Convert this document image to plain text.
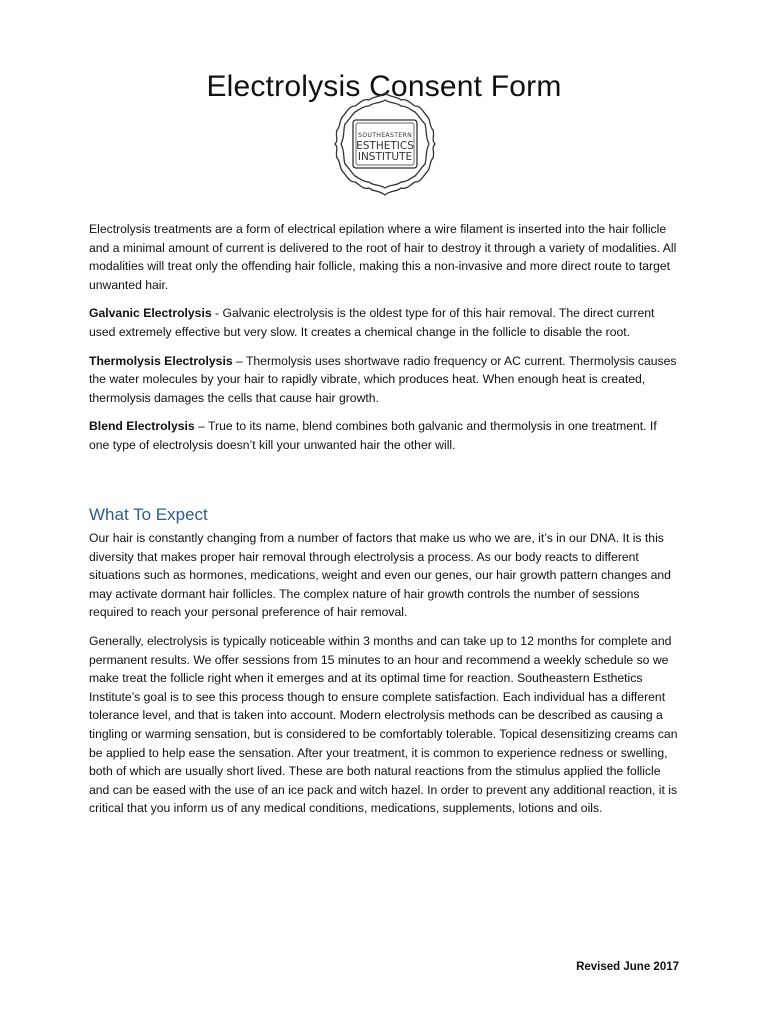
Electrolysis Consent Form
SOUTHEASTERN
ESTHETICS
INSTITUTE

Electrolysis treatments are a form of electrical epilation where a wire filament is inserted into the hair follicle and a minimal amount of current is delivered to the root of hair to destroy it through a variety of modalities. All modalities will treat only the offending hair follicle, making this a non-invasive and more direct route to target unwanted hair.

Galvanic Electrolysis - Galvanic electrolysis is the oldest type for of this hair removal. The direct current used extremely effective but very slow. It creates a chemical change in the follicle to disable the root.

Thermolysis Electrolysis – Thermolysis uses shortwave radio frequency or AC current. Thermolysis causes the water molecules by your hair to rapidly vibrate, which produces heat. When enough heat is created, thermolysis damages the cells that cause hair growth.

Blend Electrolysis – True to its name, blend combines both galvanic and thermolysis in one treatment. If one type of electrolysis doesn’t kill your unwanted hair the other will.

What To Expect

Our hair is constantly changing from a number of factors that make us who we are, it’s in our DNA. It is this diversity that makes proper hair removal through electrolysis a process. As our body reacts to different situations such as hormones, medications, weight and even our genes, our hair growth pattern changes and may activate dormant hair follicles. The complex nature of hair growth controls the number of sessions required to reach your personal preference of hair removal.

Generally, electrolysis is typically noticeable within 3 months and can take up to 12 months for complete and permanent results. We offer sessions from 15 minutes to an hour and recommend a weekly schedule so we make treat the follicle right when it emerges and at its optimal time for reaction. Southeastern Esthetics Institute’s goal is to see this process though to ensure complete satisfaction. Each individual has a different tolerance level, and that is taken into account. Modern electrolysis methods can be described as causing a tingling or warming sensation, but is considered to be comfortably tolerable. Topical desensitizing creams can be applied to help ease the sensation. After your treatment, it is common to experience redness or swelling, both of which are usually short lived. These are both natural reactions from the stimulus applied the follicle and can be eased with the use of an ice pack and witch hazel. In order to prevent any additional reaction, it is critical that you inform us of any medical conditions, medications, supplements, lotions and oils.

Revised June 2017
